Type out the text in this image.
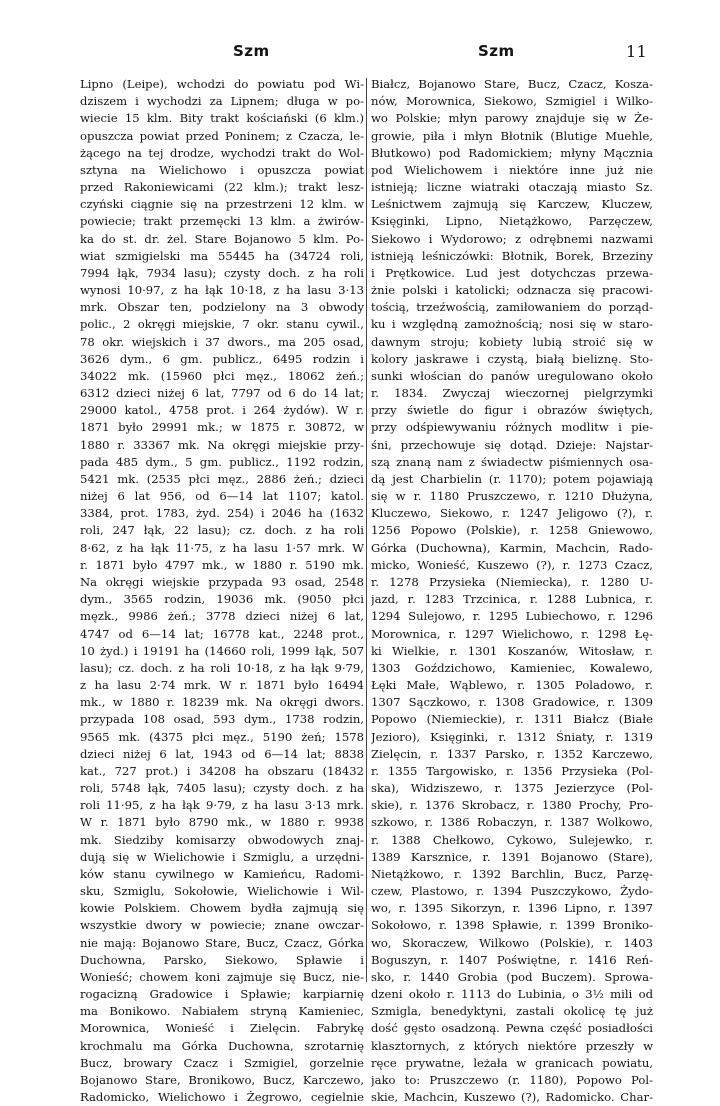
Szm	Szm	11
Lipno (Leipe), wchodzi do powiatu pod Wi-
dziszem i wychodzi za Lipnem; długa w po-
wiecie 15 klm. Bity trakt kościański (6 klm.)
opuszcza powiat przed Poninem; z Czacza, le-
żącego na tej drodze, wychodzi trakt do Wol-
sztyna na Wielichowo i opuszcza powiat
przed Rakoniewicami (22 klm.); trakt lesz-
czyński ciągnie się na przestrzeni 12 klm. w
powiecie; trakt przemęcki 13 klm. a żwirów-
ka do st. dr. żel. Stare Bojanowo 5 klm. Po-
wiat szmigielski ma 55445 ha (34724 roli,
7994 łąk, 7934 lasu); czysty doch. z ha roli
wynosi 10·97, z ha łąk 10·18, z ha lasu 3·13
mrk. Obszar ten, podzielony na 3 obwody
polic., 2 okręgi miejskie, 7 okr. stanu cywil.,
78 okr. wiejskich i 37 dwors., ma 205 osad,
3626 dym., 6 gm. publicz., 6495 rodzin i
34022 mk. (15960 płci męz., 18062 żeń.;
6312 dzieci niżej 6 lat, 7797 od 6 do 14 lat;
29000 katol., 4758 prot. i 264 żydów). W r.
1871 było 29991 mk.; w 1875 r. 30872, w
1880 r. 33367 mk. Na okręgi miejskie przy-
pada 485 dym., 5 gm. publicz., 1192 rodzin,
5421 mk. (2535 płci męz., 2886 żeń.; dzieci
niżej 6 lat 956, od 6—14 lat 1107; katol.
3384, prot. 1783, żyd. 254) i 2046 ha (1632
roli, 247 łąk, 22 lasu); cz. doch. z ha roli
8·62, z ha łąk 11·75, z ha lasu 1·57 mrk. W
r. 1871 było 4797 mk., w 1880 r. 5190 mk.
Na okręgi wiejskie przypada 93 osad, 2548
dym., 3565 rodzin, 19036 mk. (9050 płci
męzk., 9986 żeń.; 3778 dzieci niżej 6 lat,
4747 od 6—14 lat; 16778 kat., 2248 prot.,
10 żyd.) i 19191 ha (14660 roli, 1999 łąk, 507
lasu); cz. doch. z ha roli 10·18, z ha łąk 9·79,
z ha lasu 2·74 mrk. W r. 1871 było 16494
mk., w 1880 r. 18239 mk. Na okręgi dwors.
przypada 108 osad, 593 dym., 1738 rodzin,
9565 mk. (4375 płci męz., 5190 żeń; 1578
dzieci niżej 6 lat, 1943 od 6—14 lat; 8838
kat., 727 prot.) i 34208 ha obszaru (18432
roli, 5748 łąk, 7405 lasu); czysty doch. z ha
roli 11·95, z ha łąk 9·79, z ha lasu 3·13 mrk.
W r. 1871 było 8790 mk., w 1880 r. 9938
mk. Siedziby komisarzy obwodowych znaj-
dują się w Wielichowie i Szmiglu, a urzędni-
ków stanu cywilnego w Kamieńcu, Radomi-
sku, Szmiglu, Sokołowie, Wielichowie i Wil-
kowie Polskiem. Chowem bydła zajmują się
wszystkie dwory w powiecie; znane owczar-
nie mają: Bojanowo Stare, Bucz, Czacz, Górka
Duchowna, Parsko, Siekowo, Spławie i
Wonieść; chowem koni zajmuje się Bucz, nie-
rogacizną Gradowice i Spławie; karpiarnię
ma Bonikowo. Nabiałem stryną Kamieniec,
Morownica, Wonieść i Zielęcin. Fabrykę
krochmalu ma Górka Duchowna, szrotarnię
Bucz, browary Czacz i Szmigiel, gorzelnie
Bojanowo Stare, Bronikowo, Bucz, Karczewo,
Radomicko, Wielichowo i Żegrowo, cegielnie
Białcz, Bojanowo Stare, Bucz, Czacz, Kosza-
nów, Morownica, Siekowo, Szmigiel i Wilko-
wo Polskie; młyn parowy znajduje się w Że-
growie, piła i młyn Błotnik (Blutige Muehle,
Błutkowo) pod Radomickiem; młyny Mącznia
pod Wielichowem i niektóre inne już nie
istnieją; liczne wiatraki otaczają miasto Sz.
Leśnictwem zajmują się Karczew, Kluczew,
Księginki, Lipno, Nietążkowo, Parzęczew,
Siekowo i Wydorowo; z odrębnemi nazwami
istnieją leśniczówki: Błotnik, Borek, Brzeziny
i Prętkowice. Lud jest dotychczas przewa-
żnie polski i katolicki; odznacza się pracowi-
tością, trzeźwością, zamiłowaniem do porząd-
ku i względną zamożnością; nosi się w staro-
dawnym stroju; kobiety lubią stroić się w
kolory jaskrawe i czystą, białą bieliznę. Sto-
sunki włościan do panów uregulowano około
r. 1834. Zwyczaj wieczornej pielgrzymki
przy świetle do figur i obrazów świętych,
przy odśpiewywaniu różnych modlitw i pie-
śni, przechowuje się dotąd. Dzieje: Najstar-
szą znaną nam z świadectw piśmiennych osa-
dą jest Charbielin (r. 1170); potem pojawiają
się w r. 1180 Pruszczewo, r. 1210 Dłużyna,
Kluczewo, Siekowo, r. 1247 Jeligowo (?), r.
1256 Popowo (Polskie), r. 1258 Gniewowo,
Górka (Duchowna), Karmin, Machcin, Rado-
micko, Wonieść, Kuszewo (?), r. 1273 Czacz,
r. 1278 Przysieka (Niemiecka), r. 1280 U-
jazd, r. 1283 Trzcinica, r. 1288 Lubnica, r.
1294 Sulejowo, r. 1295 Lubiechowo, r. 1296
Morownica, r. 1297 Wielichowo, r. 1298 Łę-
ki Wielkie, r. 1301 Koszanów, Witosław, r.
1303 Goździchowo, Kamieniec, Kowalewo,
Łęki Małe, Wąblewo, r. 1305 Poladowo, r.
1307 Sączkowo, r. 1308 Gradowice, r. 1309
Popowo (Niemieckie), r. 1311 Białcz (Białe
Jezioro), Księginki, r. 1312 Śniaty, r. 1319
Zielęcin, r. 1337 Parsko, r. 1352 Karczewo,
r. 1355 Targowisko, r. 1356 Przysieka (Pol-
ska), Widziszewo, r. 1375 Jezierzyce (Pol-
skie), r. 1376 Skrobacz, r. 1380 Prochy, Pro-
szkowo, r. 1386 Robaczyn, r. 1387 Wolkowo,
r. 1388 Chełkowo, Cykowo, Sulejewko, r.
1389 Karsznice, r. 1391 Bojanowo (Stare),
Nietążkowo, r. 1392 Barchlin, Bucz, Parzę-
czew, Plastowo, r. 1394 Puszczykowo, Żydo-
wo, r. 1395 Sikorzyn, r. 1396 Lipno, r. 1397
Sokołowo, r. 1398 Spławie, r. 1399 Broniko-
wo, Skoraczew, Wilkowo (Polskie), r. 1403
Boguszyn, r. 1407 Poświętne, r. 1416 Reń-
sko, r. 1440 Grobia (pod Buczem). Sprowa-
dzeni około r. 1113 do Lubinia, o 3½ mili od
Szmigla, benedyktyni, zastali okolicę tę już
dość gęsto osadzoną. Pewna część posiadłości
klasztornych, z których niektóre przeszły w
ręce prywatne, leżała w granicach powiatu,
jako to: Pruszczewo (r. 1180), Popowo Pol-
skie, Machcin, Kuszewo (?), Radomicko. Char-
